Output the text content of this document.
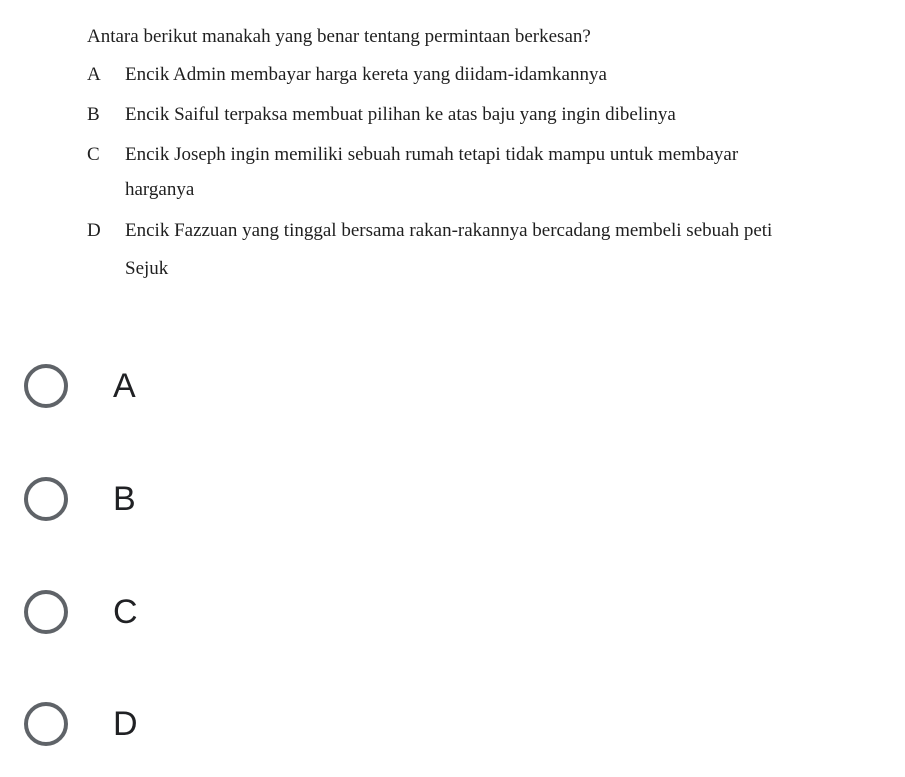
Antara berikut manakah yang benar tentang permintaan berkesan?
A Encik Admin membayar harga kereta yang diidam-idamkannya
B Encik Saiful terpaksa membuat pilihan ke atas baju yang ingin dibelinya
C Encik Joseph ingin memiliki sebuah rumah tetapi tidak mampu untuk membayar
harganya
D Encik Fazzuan yang tinggal bersama rakan-rakannya bercadang membeli sebuah peti
Sejuk
A
B
C
D
